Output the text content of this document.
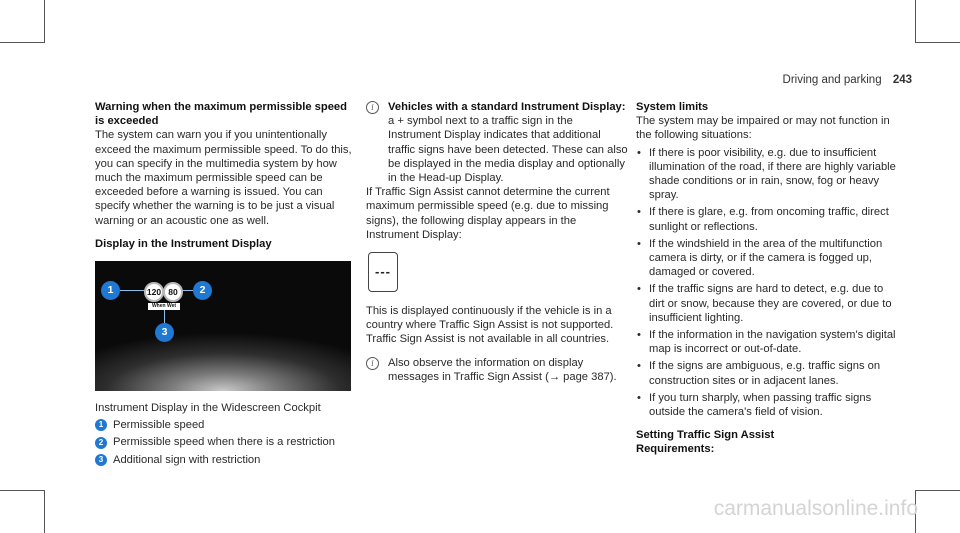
Driving and parking 243

Warning when the maximum permissible speed is exceeded

The system can warn you if you unintentionally exceed the maximum permissible speed. To do this, you can specify in the multimedia system by how much the maximum permissible speed can be exceeded before a warning is issued. You can specify whether the warning is to be just a visual warning or an acoustic one as well.

Display in the Instrument Display

120 80
When Wet
1	2
3

Instrument Display in the Widescreen Cockpit

1 Permissible speed
2 Permissible speed when there is a restriction
3 Additional sign with restriction
i	Vehicles with a standard Instrument Display: a + symbol next to a traffic sign in the Instrument Display indicates that additional traffic signs have been detected. These can also be displayed in the media display and optionally in the Head-up Display.

If Traffic Sign Assist cannot determine the current maximum permissible speed (e.g. due to missing signs), the following display appears in the Instrument Display:

---

This is displayed continuously if the vehicle is in a country where Traffic Sign Assist is not supported. Traffic Sign Assist is not available in all countries.

i	Also observe the information on display messages in Traffic Sign Assist (→ page 387).

System limits

The system may be impaired or may not function in the following situations:

• If there is poor visibility, e.g. due to insufficient illumination of the road, if there are highly variable shade conditions or in rain, snow, fog or heavy spray.
• If there is glare, e.g. from oncoming traffic, direct sunlight or reflections.
• If the windshield in the area of the multifunction camera is dirty, or if the camera is fogged up, damaged or covered.
• If the traffic signs are hard to detect, e.g. due to dirt or snow, because they are covered, or due to insufficient lighting.
• If the information in the navigation system's digital map is incorrect or out-of-date.
• If the signs are ambiguous, e.g. traffic signs on construction sites or in adjacent lanes.
• If you turn sharply, when passing traffic signs outside the camera's field of vision.

Setting Traffic Sign Assist

Requirements:

carmanualsonline.info
